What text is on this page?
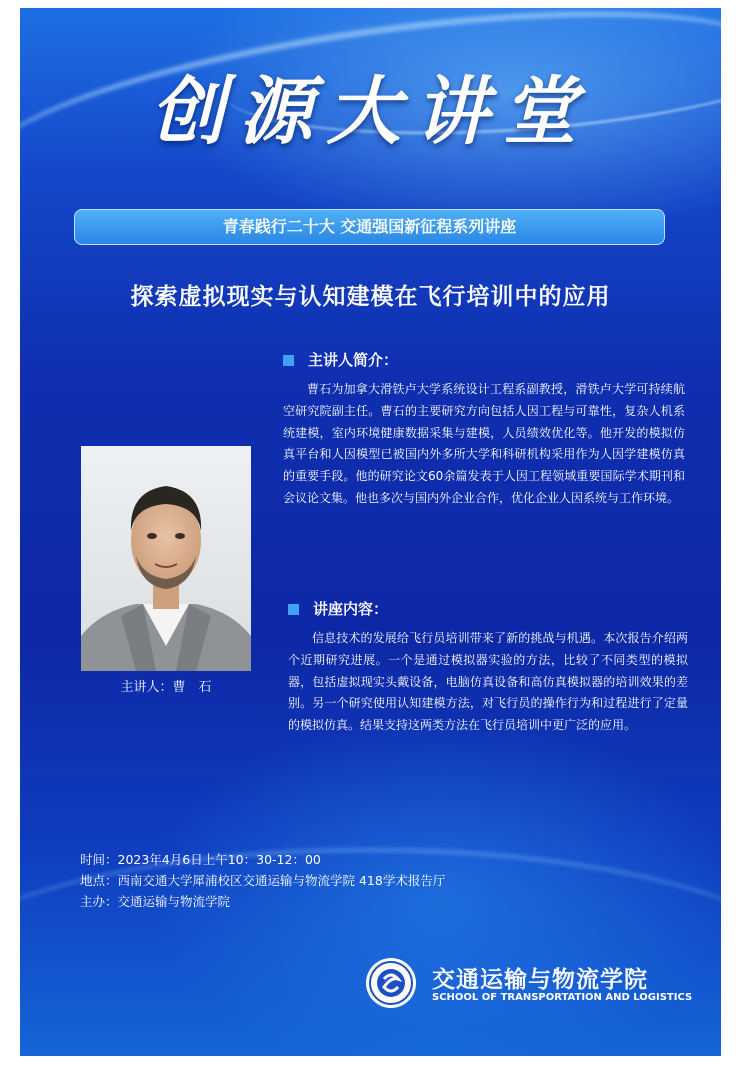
创源大讲堂
青春践行二十大 交通强国新征程系列讲座
探索虚拟现实与认知建模在飞行培训中的应用
主讲人简介：
曹石为加拿大滑铁卢大学系统设计工程系副教授，滑铁卢大学可持续航空研究院副主任。曹石的主要研究方向包括人因工程与可靠性，复杂人机系统建模，室内环境健康数据采集与建模，人员绩效优化等。他开发的模拟仿真平台和人因模型已被国内外多所大学和科研机构采用作为人因学建模仿真的重要手段。他的研究论文60余篇发表于人因工程领域重要国际学术期刊和会议论文集。他也多次与国内外企业合作，优化企业人因系统与工作环境。
主讲人：曹　石
讲座内容：
信息技术的发展给飞行员培训带来了新的挑战与机遇。本次报告介绍两个近期研究进展。一个是通过模拟器实验的方法，比较了不同类型的模拟器，包括虚拟现实头戴设备，电脑仿真设备和高仿真模拟器的培训效果的差别。另一个研究使用认知建模方法，对飞行员的操作行为和过程进行了定量的模拟仿真。结果支持这两类方法在飞行员培训中更广泛的应用。
时间：2023年4月6日上午10：30-12：00
地点：西南交通大学犀浦校区交通运输与物流学院 418学术报告厅
主办：交通运输与物流学院
交通运输与物流学院
SCHOOL OF TRANSPORTATION AND LOGISTICS
